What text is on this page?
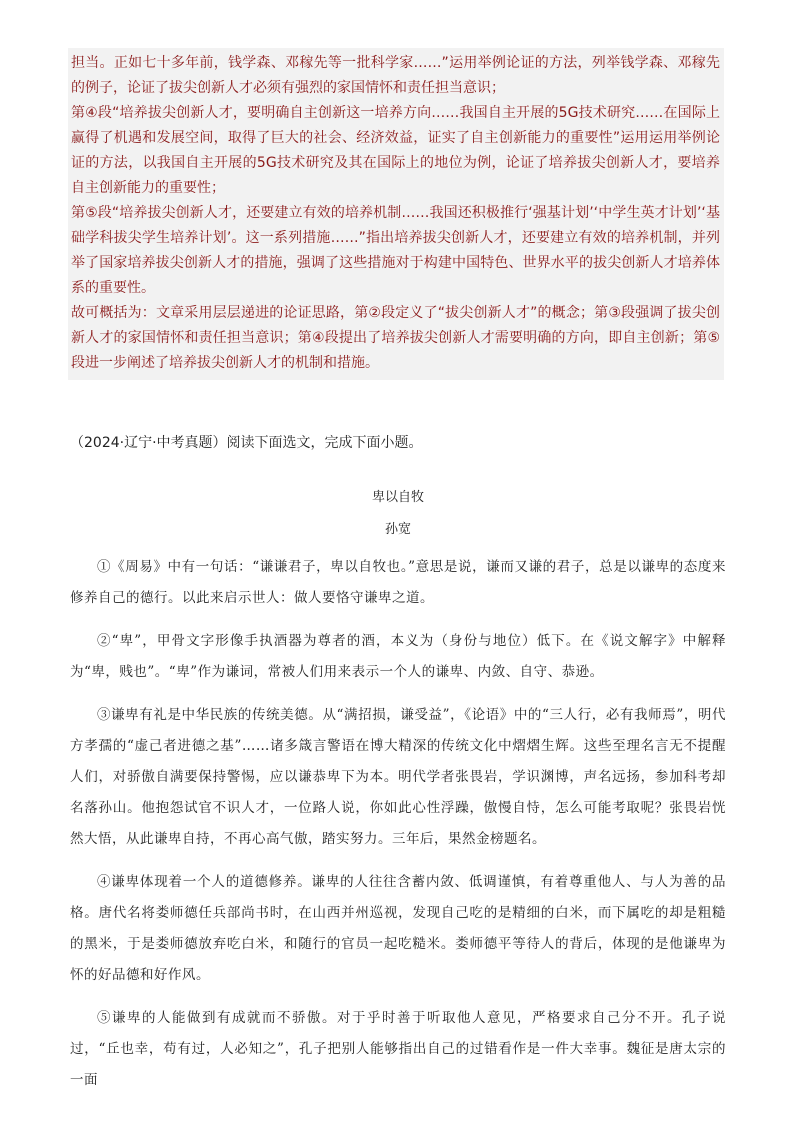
担当。正如七十多年前，钱学森、邓稼先等一批科学家……”运用举例论证的方法，列举钱学森、邓稼先的例子，论证了拔尖创新人才必须有强烈的家国情怀和责任担当意识；

第④段“培养拔尖创新人才，要明确自主创新这一培养方向……我国自主开展的5G技术研究……在国际上赢得了机遇和发展空间，取得了巨大的社会、经济效益，证实了自主创新能力的重要性”运用运用举例论证的方法，以我国自主开展的5G技术研究及其在国际上的地位为例，论证了培养拔尖创新人才，要培养自主创新能力的重要性；

第⑤段“培养拔尖创新人才，还要建立有效的培养机制……我国还积极推行‘强基计划’‘中学生英才计划’‘基础学科拔尖学生培养计划’。这一系列措施……”指出培养拔尖创新人才，还要建立有效的培养机制，并列举了国家培养拔尖创新人才的措施，强调了这些措施对于构建中国特色、世界水平的拔尖创新人才培养体系的重要性。

故可概括为：文章采用层层递进的论证思路，第②段定义了“拔尖创新人才”的概念；第③段强调了拔尖创新人才的家国情怀和责任担当意识；第④段提出了培养拔尖创新人才需要明确的方向，即自主创新；第⑤段进一步阐述了培养拔尖创新人才的机制和措施。

（2024·辽宁·中考真题）阅读下面选文，完成下面小题。
卑以自牧
孙宽

①《周易》中有一句话：“谦谦君子，卑以自牧也。”意思是说，谦而又谦的君子，总是以谦卑的态度来修养自己的德行。以此来启示世人：做人要恪守谦卑之道。

②“卑”，甲骨文字形像手执酒器为尊者的酒，本义为（身份与地位）低下。在《说文解字》中解释为“卑，贱也”。“卑”作为谦词，常被人们用来表示一个人的谦卑、内敛、自守、恭逊。

③谦卑有礼是中华民族的传统美德。从“满招损，谦受益”，《论语》中的“三人行，必有我师焉”，明代方孝孺的“虚己者进德之基”……诸多箴言警语在博大精深的传统文化中熠熠生辉。这些至理名言无不提醒人们，对骄傲自满要保持警惕，应以谦恭卑下为本。明代学者张畏岩，学识渊博，声名远扬，参加科考却名落孙山。他抱怨试官不识人才，一位路人说，你如此心性浮躁，傲慢自恃，怎么可能考取呢？张畏岩恍然大悟，从此谦卑自持，不再心高气傲，踏实努力。三年后，果然金榜题名。

④谦卑体现着一个人的道德修养。谦卑的人往往含蓄内敛、低调谨慎，有着尊重他人、与人为善的品格。唐代名将娄师德任兵部尚书时，在山西并州巡视，发现自己吃的是精细的白米，而下属吃的却是粗糙的黑米，于是娄师德放弃吃白米，和随行的官员一起吃糙米。娄师德平等待人的背后，体现的是他谦卑为怀的好品德和好作风。

⑤谦卑的人能做到有成就而不骄傲。对于乎时善于听取他人意见，严格要求自己分不开。孔子说过，“丘也幸，苟有过，人必知之”，孔子把别人能够指出自己的过错看作是一件大幸事。魏征是唐太宗的一面
